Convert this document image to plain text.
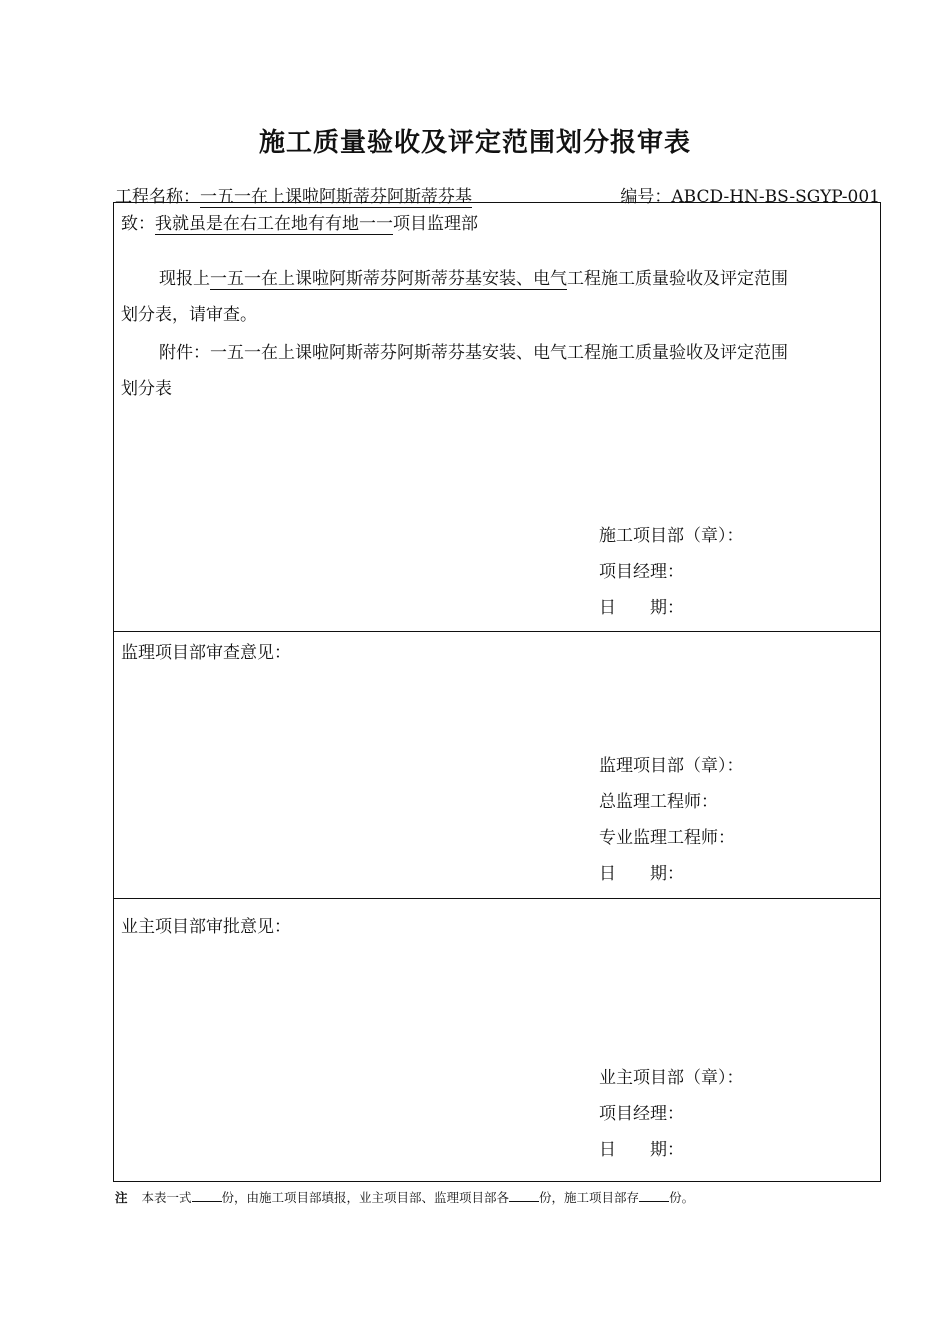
施工质量验收及评定范围划分报审表
工程名称：一五一在上课啦阿斯蒂芬阿斯蒂芬基	编号：ABCD-HN-BS-SGYP-001
致：我就虽是在右工在地有有地一一项目监理部
现报上一五一在上课啦阿斯蒂芬阿斯蒂芬基安装、电气工程施工质量验收及评定范围
划分表，请审查。
附件：一五一在上课啦阿斯蒂芬阿斯蒂芬基安装、电气工程施工质量验收及评定范围
划分表
施工项目部（章）：
项目经理：
日　　期：
监理项目部审查意见：
监理项目部（章）：
总监理工程师：
专业监理工程师：
日　　期：
业主项目部审批意见：
业主项目部（章）：
项目经理：
日　　期：
注 本表一式 份，由施工项目部填报，业主项目部、监理项目部各 份，施工项目部存 份。
